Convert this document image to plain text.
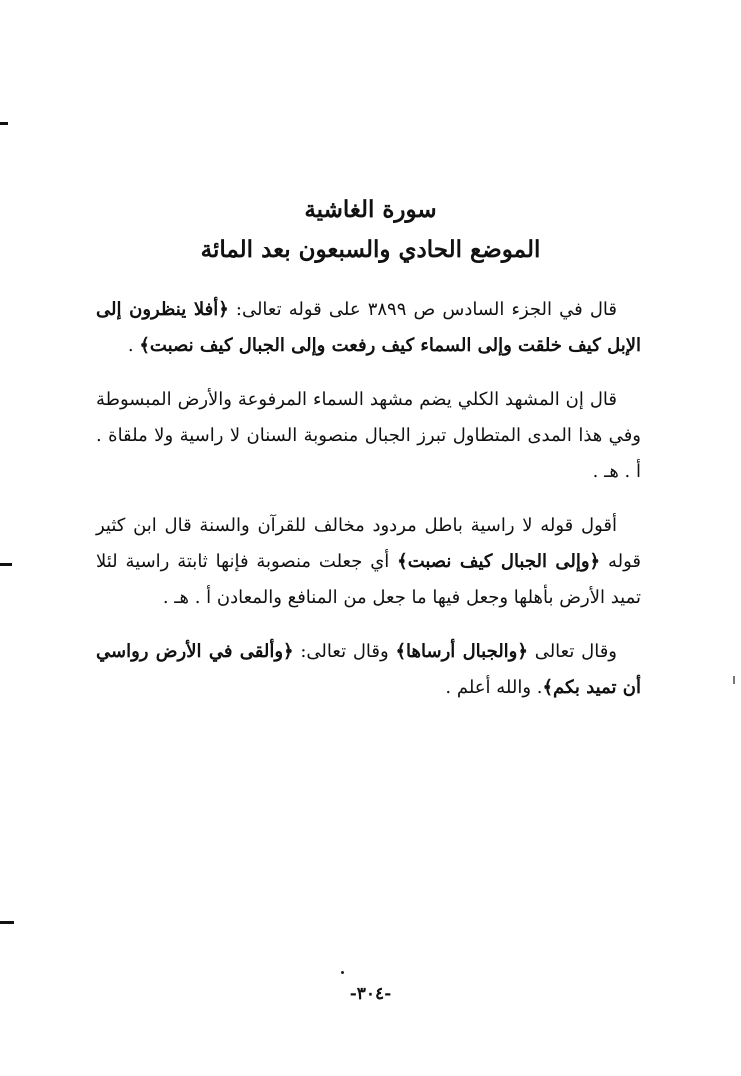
سورة الغاشية
الموضع الحادي والسبعون بعد المائة

قال في الجزء السادس ص ٣٨٩٩ على قوله تعالى: ﴿أفلا ينظرون إلى الإبل كيف خلقت وإلى السماء كيف رفعت وإلى الجبال كيف نصبت﴾ .

قال إن المشهد الكلي يضم مشهد السماء المرفوعة والأرض المبسوطة وفي هذا المدى المتطاول تبرز الجبال منصوبة السنان لا راسية ولا ملقاة . أ . هـ .

أقول قوله لا راسية باطل مردود مخالف للقرآن والسنة قال ابن كثير قوله ﴿وإلى الجبال كيف نصبت﴾ أي جعلت منصوبة فإنها ثابتة راسية لئلا تميد الأرض بأهلها وجعل فيها ما جعل من المنافع والمعادن أ . هـ .

وقال تعالى ﴿والجبال أرساها﴾ وقال تعالى: ﴿وألقى في الأرض رواسي أن تميد بكم﴾. والله أعلم .

-٣٠٤-
